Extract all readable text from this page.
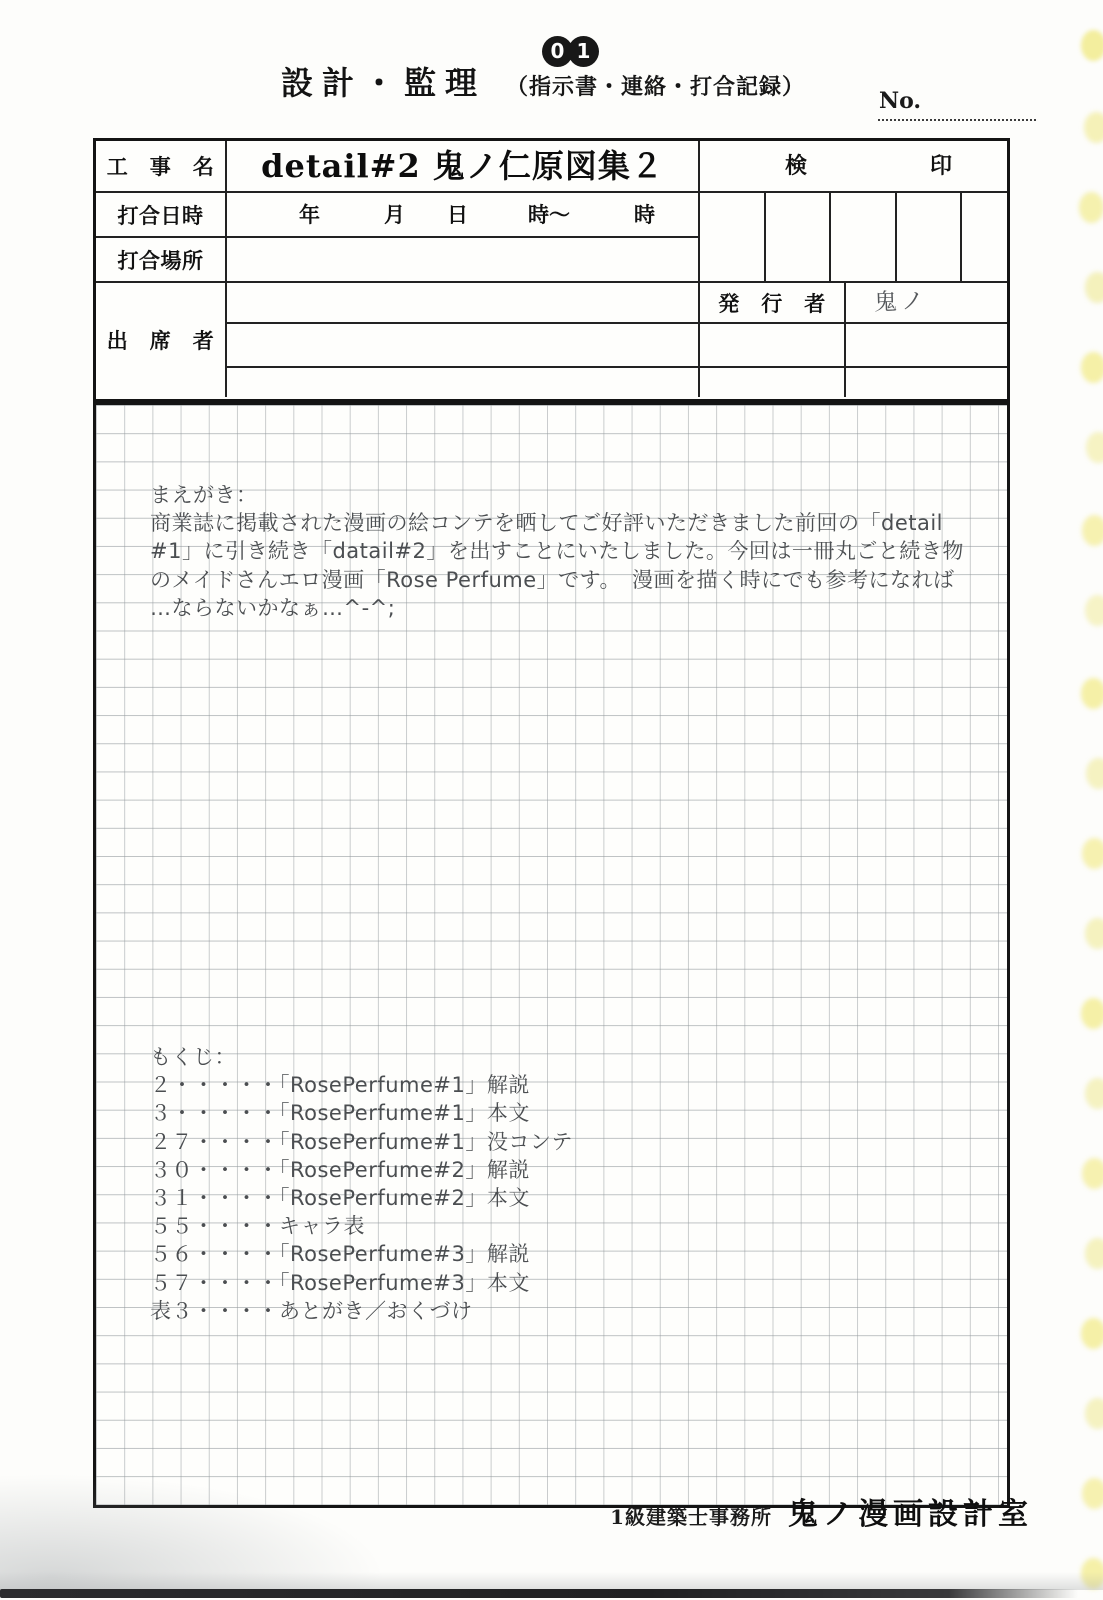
0 1
設計・監理 （指示書・連絡・打合記録）
No.
工　事　名	detail#2 鬼ノ仁原図集２	検	印
打合日時	年	月 日	時～	時
打合場所
出　席　者
発　行　者	鬼ノ
まえがき：
商業誌に掲載された漫画の絵コンテを晒してご好評いただきました前回の「detail
#1」に引き続き「datail#2」を出すことにいたしました。今回は一冊丸ごと続き物
のメイドさんエロ漫画「Rose Perfume」です。　漫画を描く時にでも参考になれば
…ならないかなぁ…^-^;
もくじ：
２・・・・・「RosePerfume#1」解説
３・・・・・「RosePerfume#1」本文
２７・・・・「RosePerfume#1」没コンテ
３０・・・・「RosePerfume#2」解説
３１・・・・「RosePerfume#2」本文
５５・・・・キャラ表
５６・・・・「RosePerfume#3」解説
５７・・・・「RosePerfume#3」本文
表３・・・・あとがき／おくづけ
1級建築士事務所 鬼ノ漫画設計室
